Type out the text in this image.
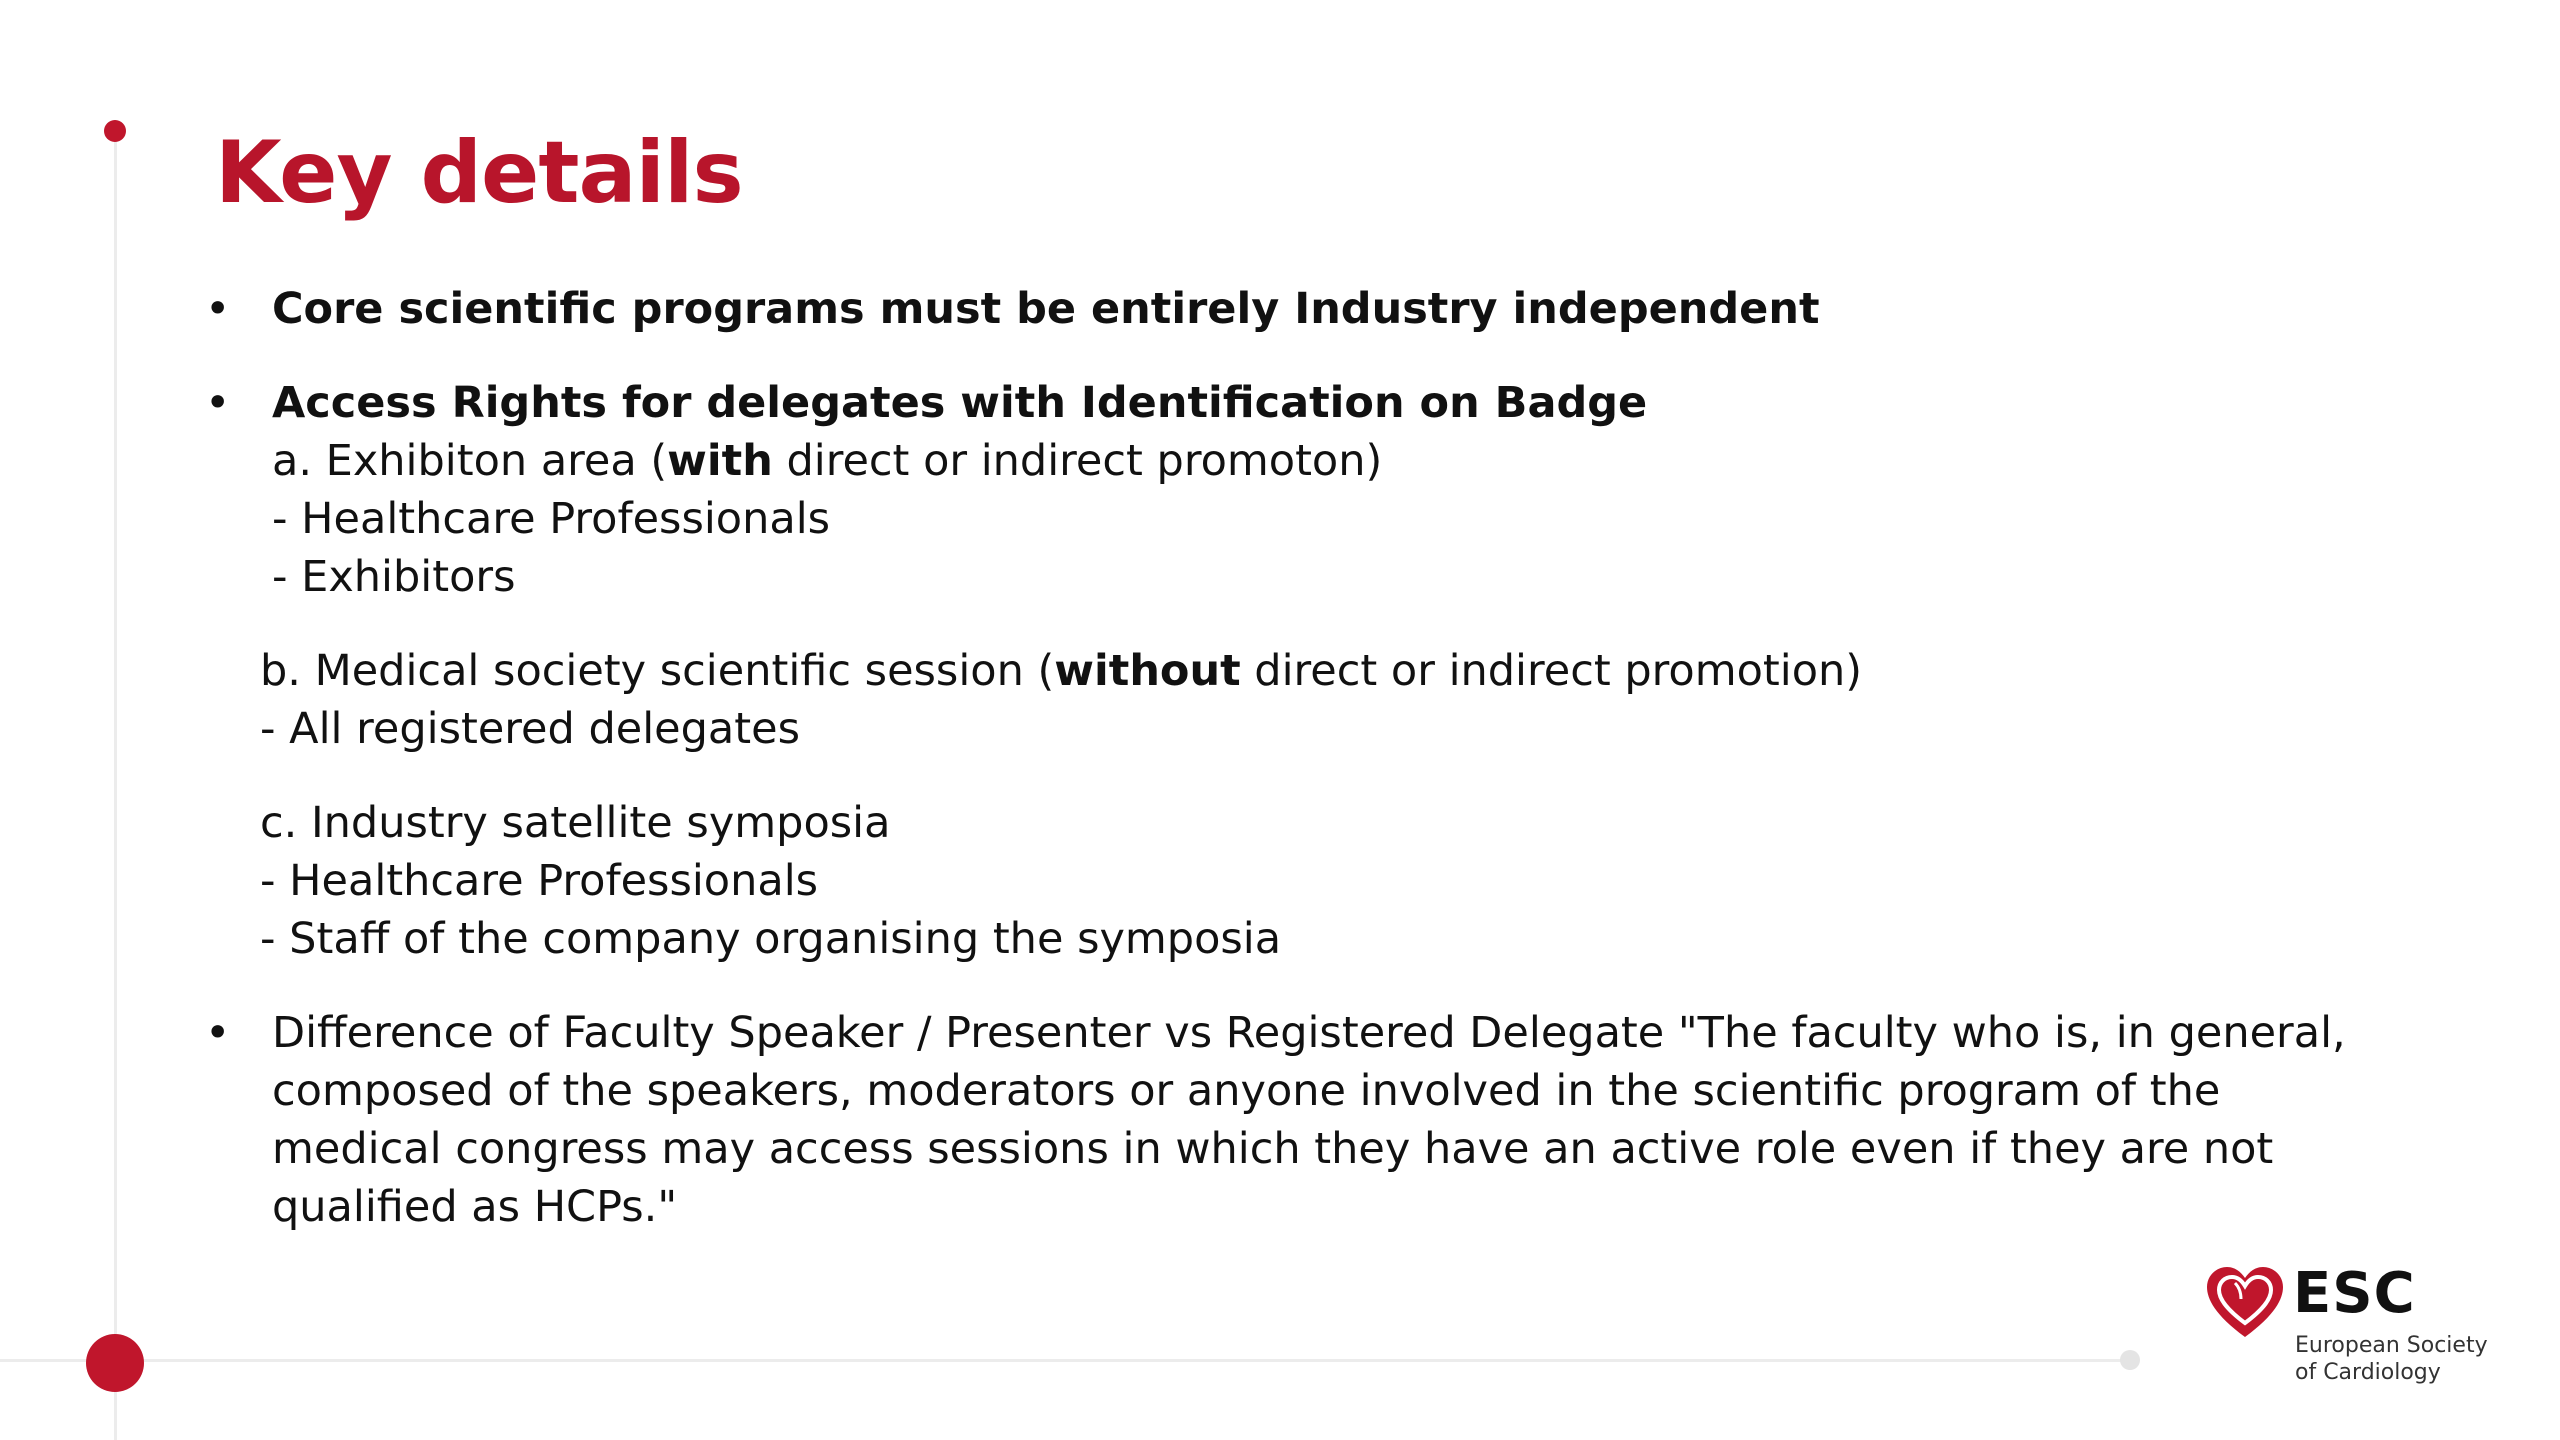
Key details
• Core scientific programs must be entirely Industry independent
• Access Rights for delegates with Identification on Badge
a. Exhibiton area (with direct or indirect promoton)
- Healthcare Professionals
- Exhibitors
b. Medical society scientific session (without direct or indirect promotion)
- All registered delegates
c. Industry satellite symposia
- Healthcare Professionals
- Staff of the company organising the symposia
• Difference of Faculty Speaker / Presenter vs Registered Delegate "The faculty who is, in general,
composed of the speakers, moderators or anyone involved in the scientific program of the
medical congress may access sessions in which they have an active role even if they are not
qualified as HCPs."
ESC
European Society
of Cardiology
